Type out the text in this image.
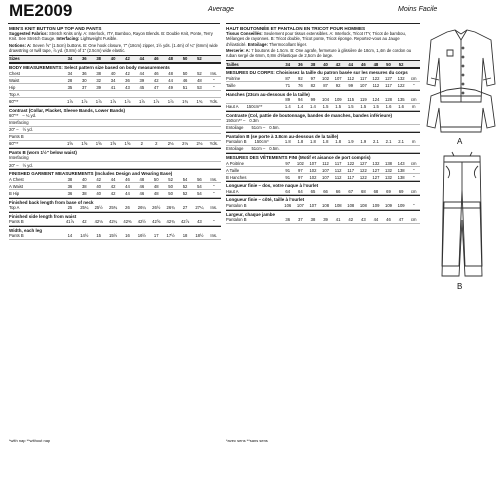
ME2009	Average	Moins Facile

MEN'S KNIT BUTTON UP TOP AND PANTS

Suggested Fabrics: Stretch Knits only. A: Interlock, ITY, Bamboo, Rayon Blends. B: Double Knit, Ponte, Terry Knit. See Stretch Gauge. Interfacing: Lightweight Fusible.

Notions: A: Seven ⅝" (1.5cm) buttons. B: One hook closure, 7" (18cm) zipper, 1½ yds. (1.4m) of ¼" (6mm) wide drawstring or twill tape, ⅞ yd. (0.8m) of 1" (2.5cm) wide elastic.

Sizes	34	36	38	40	42	44	46	48	50	52
BODY MEASUREMENTS: Select pattern size based on body measurements
Chest	34	36	38	40	42	44	46	48	50	52	Ins.
Waist	28	30	32	34	36	39	42	44	46	48	"
Hip	35	37	39	41	43	45	47	49	51	53	"
Top A
60"**	1⅞	1⅞	1⅞	1⅞	1⅞	1⅞	1⅞	1⅞	1¾	1¾	Yds.
Contrast (Collar, Placket, Sleeve Bands, Lower Bands)
60"** – ¼ yd.
Interfacing
20" – ½ yd.
Pants B
60"**	1⅝	1⅝	1⅝	1⅝	1⅝	2	2	2⅛	2⅛	2⅛	Yds.
Pants B (worn 1½" below waist)
Interfacing
20" – ½ yd.
FINISHED GARMENT MEASUREMENTS (Includes Design and Wearing Ease)
A Chest	38	40	42	44	46	48	50	52	54	56	Ins.
A Waist	36	38	40	42	44	46	48	50	52	54	"
B Hip	36	38	40	42	44	46	48	50	52	54	"
Finished back length from base of neck
Top A	25	25¼	25½	25¾	26	26¼	26½	26¾	27	27¼	Ins.
Finished side length from waist
Pants B	41⅞	42	42⅛	42¼	42⅜	42½	42⅝	42¾	42⅞	43	"
Width, each leg
Pants B	14	14½	15	15½	16	16½	17	17½	18	18½	Ins.
*with nap **without nap

HAUT BOUTONNÉE ET PANTALON EN TRICOT POUR HOMMES

Tissus Conseillés: Seulement pour tissus extensibles. A: Interlock, Tricot ITY, Tricot de bambou, Mélanges de rayonnes. B: Tricot double, Tricot ponte, Tricot éponge. Reportez-vous au Jauge d'élasticité. Entoilage: Thermocollant léger.

Mercerie: A: 7 boutons de 1.5cm. B: One agrafe, fermeture à glissière de 18cm, 1,4m de cordon ou ruban sergé de 6mm, 0,8m d'élastique de 2,5cm de large.

Tailles	34	36	38	40	42	44	46	48	50	52
MESURES DU CORPS: Choisissez la taille du patron basée sur les mesures du corps
Poitrine	87	92	97	102	107	112	117	122	127	132	cm
Taille	71	76	82	87	92	99	107	112	117	122	"
Hanches (23cm au-dessous de la taille)
89	94	99	104	109	115	119	124	128	135	cm
Haut A 150cm**	1.4	1.4	1.4	1.5	1.5	1.5	1.5	1.5	1.6	1.6	m
Contraste (Col, pattie de boutonnage, bandes de manches, bandes inférieure)
150cm** – 0.3m
Entoilage 51cm – 0.5m.
Pantalon B (se porte à 3.8cm au-dessous de la taille)
Pantalon B 150cm*	1.8	1.8	1.8	1.8	1.8	1.9	1.9	2.1	2.1	2.1	m
Entoilage 51cm – 0.5m.
MESURES DES VÊTEMENTS FINI (Motif et aisance de port compris)
A Poitrine	97	102	107	112	117	122	127	132	138	143	cm
A Taille	91	97	102	107	112	117	122	127	132	138	"
B Hanches	91	97	102	107	112	117	122	127	132	138	"
Longueur finie – dos, votre naque à l'ourlet
Haut A	64	64	65	66	66	67	68	68	69	69	cm
Longueur finie – côté, taille à l'ourlet
Pantalon B	106	107	107	108	108	108	108	109	109	109	"
Largeur, chaque jambe
Pantalon B	36	37	38	39	41	42	43	44	46	47	cm
*avec sens **sans sens
A
B
